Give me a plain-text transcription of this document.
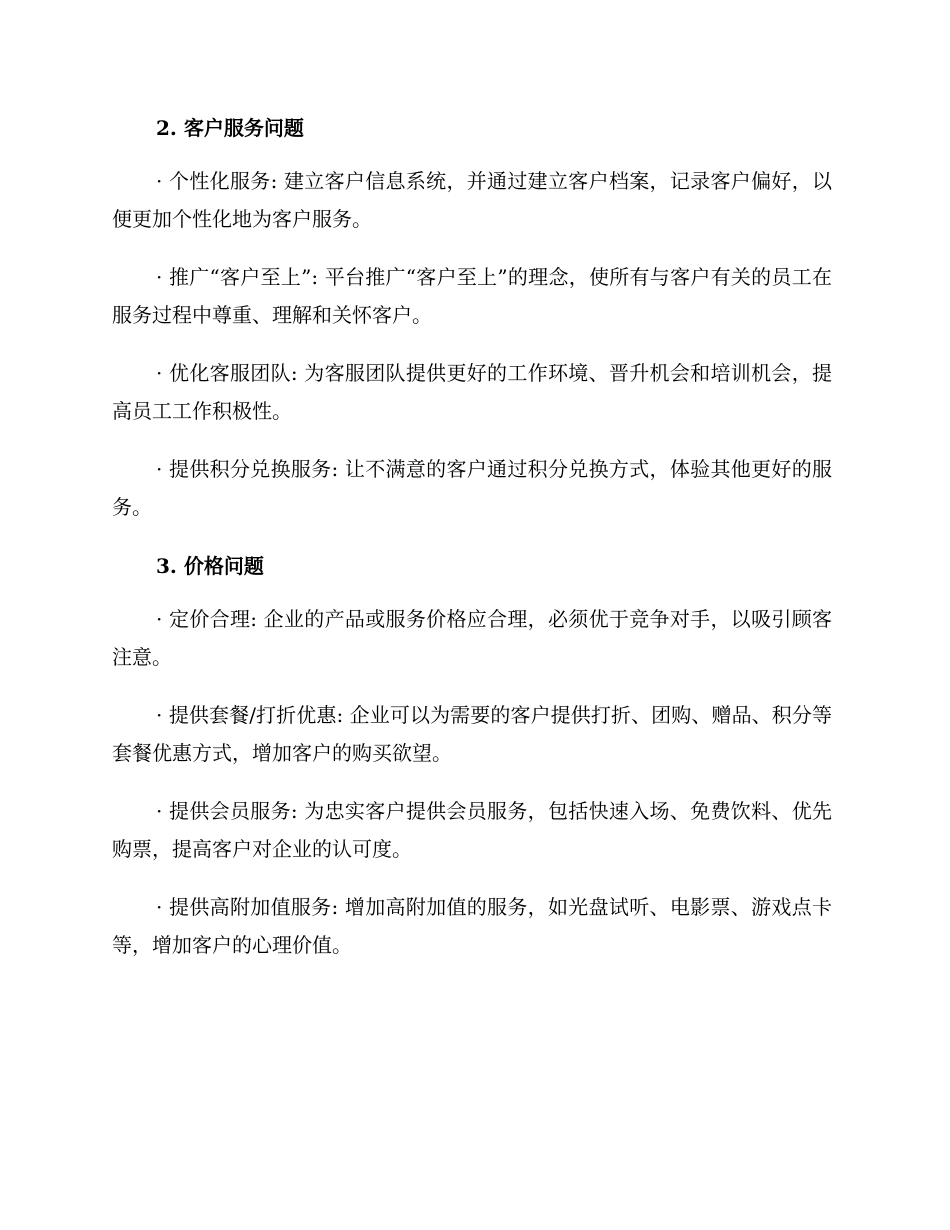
2. 客户服务问题

· 个性化服务: 建立客户信息系统，并通过建立客户档案，记录客户偏好，以便更加个性化地为客户服务。

· 推广“客户至上”: 平台推广“客户至上”的理念，使所有与客户有关的员工在服务过程中尊重、理解和关怀客户。

· 优化客服团队: 为客服团队提供更好的工作环境、晋升机会和培训机会，提高员工工作积极性。

· 提供积分兑换服务: 让不满意的客户通过积分兑换方式，体验其他更好的服务。

3. 价格问题

· 定价合理: 企业的产品或服务价格应合理，必须优于竞争对手，以吸引顾客注意。

· 提供套餐/打折优惠: 企业可以为需要的客户提供打折、团购、赠品、积分等套餐优惠方式，增加客户的购买欲望。

· 提供会员服务: 为忠实客户提供会员服务，包括快速入场、免费饮料、优先购票，提高客户对企业的认可度。

· 提供高附加值服务: 增加高附加值的服务，如光盘试听、电影票、游戏点卡等，增加客户的心理价值。
